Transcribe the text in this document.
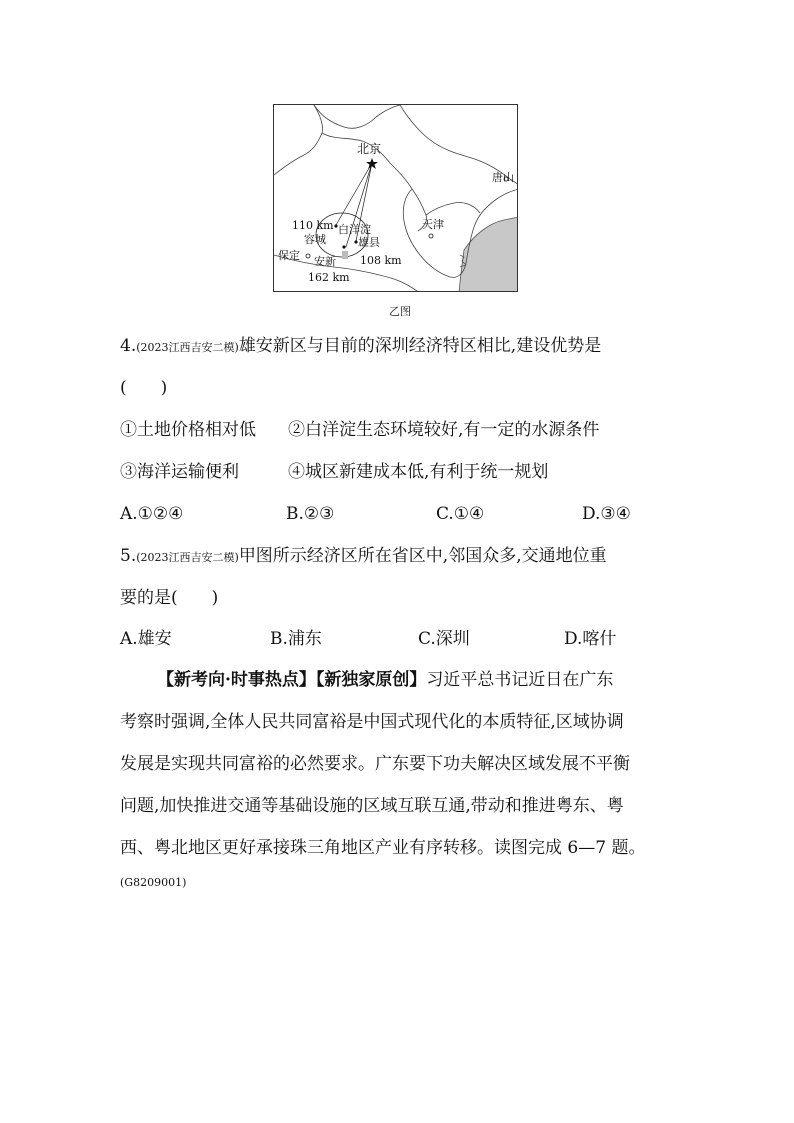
北京
唐山
天津
白洋淀
容城	雄县
保定 安新
110 km
108 km
162 km
乙图
4.(2023江西吉安二模)雄安新区与目前的深圳经济特区相比,建设优势是
(　　)
①土地价格相对低 ②白洋淀生态环境较好,有一定的水源条件
③海洋运输便利	④城区新建成本低,有利于统一规划
A.①②④	B.②③	C.①④	D.③④
5.(2023江西吉安二模)甲图所示经济区所在省区中,邻国众多,交通地位重
要的是(　　)
A.雄安	B.浦东	C.深圳	D.喀什
【新考向·时事热点】【新独家原创】习近平总书记近日在广东
考察时强调,全体人民共同富裕是中国式现代化的本质特征,区域协调
发展是实现共同富裕的必然要求。广东要下功夫解决区域发展不平衡
问题,加快推进交通等基础设施的区域互联互通,带动和推进粤东、粤
西、粤北地区更好承接珠三角地区产业有序转移。读图完成 6—7 题。
(G8209001)
